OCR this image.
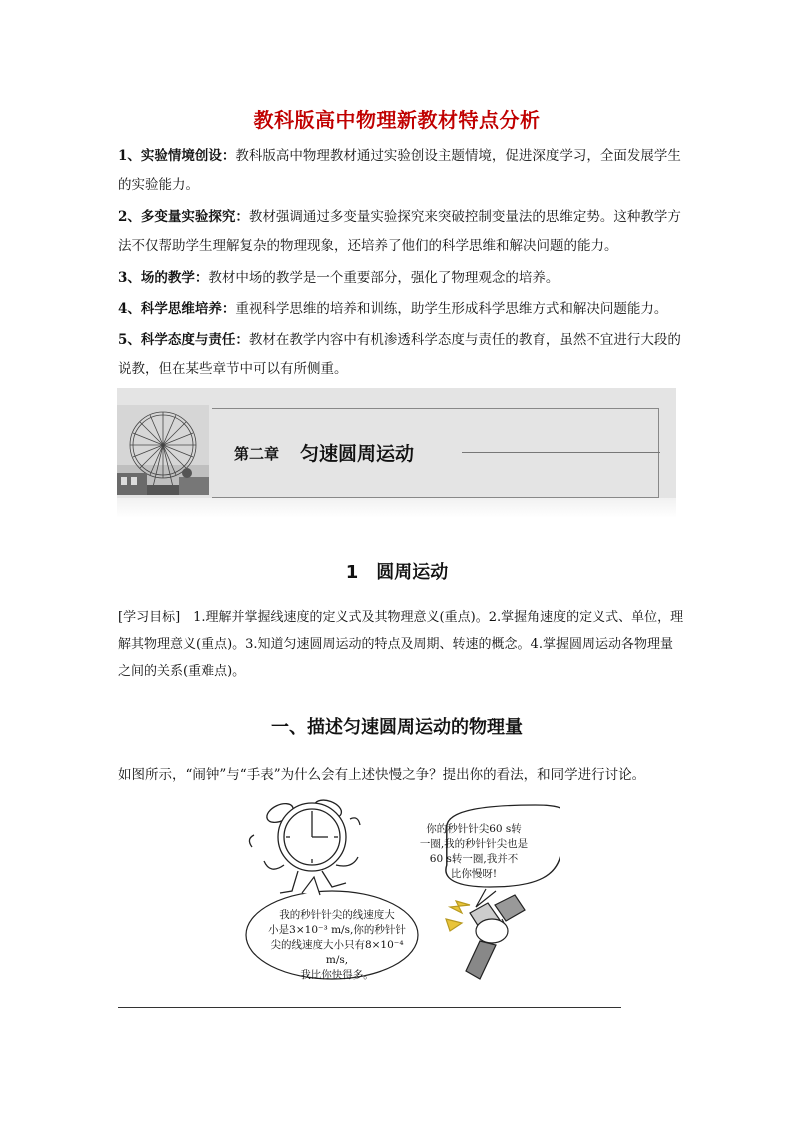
教科版高中物理新教材特点分析
1、实验情境创设：教科版高中物理教材通过实验创设主题情境，促进深度学习，全面发展学生的实验能力。
2、多变量实验探究：教材强调通过多变量实验探究来突破控制变量法的思维定势。这种教学方法不仅帮助学生理解复杂的物理现象，还培养了他们的科学思维和解决问题的能力。
3、场的教学：教材中场的教学是一个重要部分，强化了物理观念的培养。
4、科学思维培养：重视科学思维的培养和训练，助学生形成科学思维方式和解决问题能力。
5、科学态度与责任：教材在教学内容中有机渗透科学态度与责任的教育，虽然不宜进行大段的说教，但在某些章节中可以有所侧重。
第二章 匀速圆周运动
1　圆周运动
[学习目标]　1.理解并掌握线速度的定义式及其物理意义(重点)。2.掌握角速度的定义式、单位，理解其物理意义(重点)。3.知道匀速圆周运动的特点及周期、转速的概念。4.掌握圆周运动各物理量之间的关系(重难点)。
一、描述匀速圆周运动的物理量
如图所示，“闹钟”与“手表”为什么会有上述快慢之争？提出你的看法，和同学进行讨论。
你的秒针针尖60 s转
一圈,我的秒针针尖也是
60 s转一圈,我并不
比你慢呀!
我的秒针针尖的线速度大
小是3×10⁻³ m/s,你的秒针针
尖的线速度大小只有8×10⁻⁴ m/s,
我比你快得多。
